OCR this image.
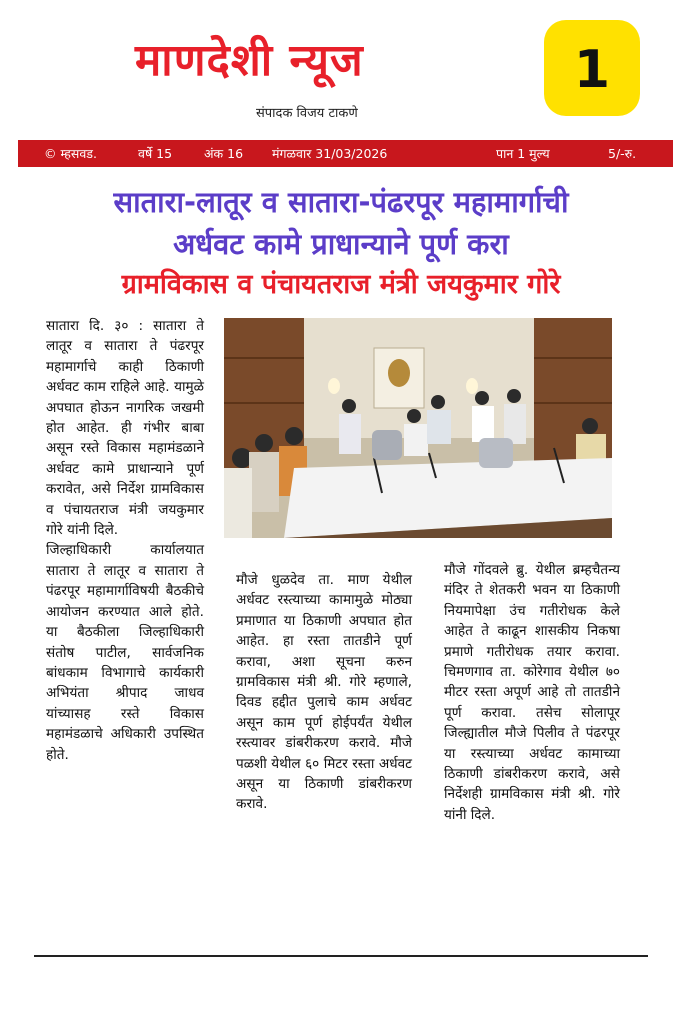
माणदेशी न्यूज	1
संपादक विजय टाकणे
© म्हसवड.	वर्षे 15	अंक 16 मंगळवार 31/03/2026	पान 1 मुल्य	5/-रु.
सातारा-लातूर व सातारा-पंढरपूर महामार्गाची
अर्धवट कामे प्राधान्याने पूर्ण करा
ग्रामविकास व पंचायतराज मंत्री जयकुमार गोरे

सातारा दि. ३० : सातारा ते लातूर व सातारा ते पंढरपूर महामार्गाचे काही ठिकाणी अर्धवट काम राहिले आहे. यामुळे अपघात होऊन नागरिक जखमी होत आहेत. ही गंभीर बाबा असून रस्ते विकास महामंडळाने अर्धवट कामे प्राधान्याने पूर्ण करावेत, असे निर्देश ग्रामविकास व पंचायतराज मंत्री जयकुमार गोरे यांनी दिले.

जिल्हाधिकारी कार्यालयात सातारा ते लातूर व सातारा ते पंढरपूर महामार्गाविषयी बैठकीचे आयोजन करण्यात आले होते. या बैठकीला जिल्हाधिकारी संतोष पाटील, सार्वजनिक बांधकाम विभागाचे कार्यकारी अभियंता श्रीपाद जाधव यांच्यासह रस्ते विकास महामंडळाचे अधिकारी उपस्थित होते.

मौजे धुळदेव ता. माण येथील अर्धवट रस्त्याच्या कामामुळे मोठ्या प्रमाणात या ठिकाणी अपघात होत आहेत. हा रस्ता तातडीने पूर्ण करावा, अशा सूचना करुन ग्रामविकास मंत्री श्री. गोरे म्हणाले, दिवड हद्दीत पुलाचे काम अर्धवट असून काम पूर्ण होईपर्यंत येथील रस्त्यावर डांबरीकरण करावे. मौजे पळशी येथील ६० मिटर रस्ता अर्धवट असून या ठिकाणी डांबरीकरण करावे.

मौजे गोंदवले ब्रु. येथील ब्रम्हचैतन्य मंदिर ते शेतकरी भवन या ठिकाणी नियमापेक्षा उंच गतीरोधक केले आहेत ते काढून शासकीय निकषा प्रमाणे गतीरोधक तयार करावा. चिमणगाव ता. कोरेगाव येथील ७० मीटर रस्ता अपूर्ण आहे तो तातडीने पूर्ण करावा. तसेच सोलापूर जिल्ह्यातील मौजे पिलीव ते पंढरपूर या रस्त्याच्या अर्धवट कामाच्या ठिकाणी डांबरीकरण करावे, असे निर्देशही ग्रामविकास मंत्री श्री. गोरे यांनी दिले.
